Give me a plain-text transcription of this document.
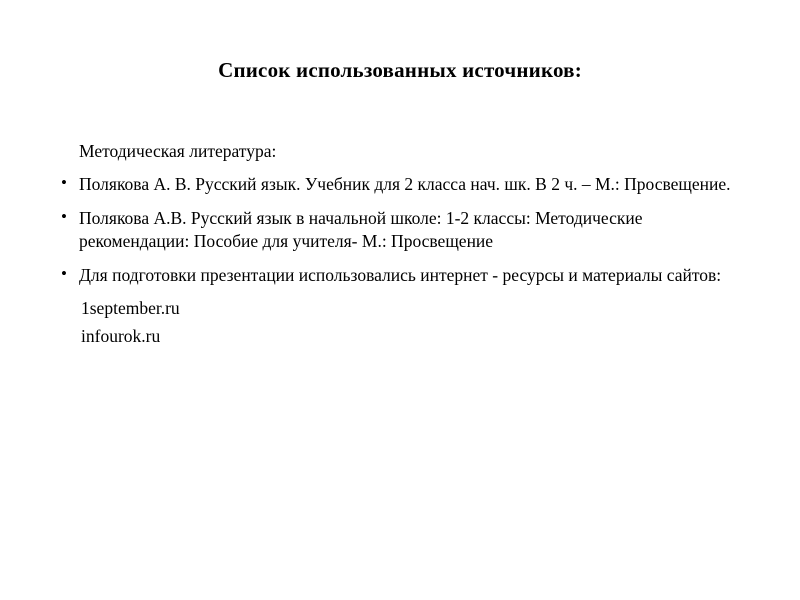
Список использованных источников:

Методическая литература:

• Полякова А. В. Русский язык. Учебник для 2 класса нач. шк. В 2 ч. – М.: Просвещение.
• Полякова А.В. Русский язык в начальной школе: 1-2 классы: Методические рекомендации: Пособие для учителя- М.: Просвещение
• Для подготовки презентации использовались интернет - ресурсы и материалы сайтов:
1september.ru
infourok.ru
